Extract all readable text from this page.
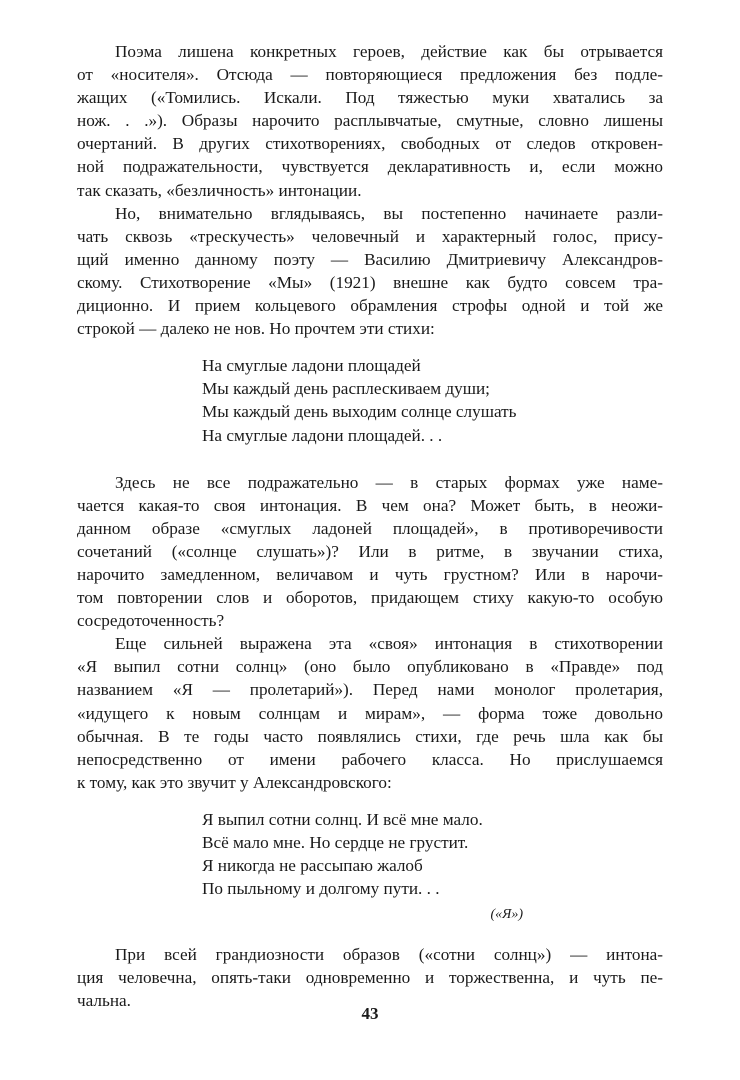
Поэма лишена конкретных героев, действие как бы отрывается
от «носителя». Отсюда — повторяющиеся предложения без подле-
жащих («Томились. Искали. Под тяжестью муки хватались за
нож. . .»). Образы нарочито расплывчатые, смутные, словно лишены
очертаний. В других стихотворениях, свободных от следов откровен-
ной подражательности, чувствуется декларативность и, если можно
так сказать, «безличность» интонации.

Но, внимательно вглядываясь, вы постепенно начинаете разли-
чать сквозь «трескучесть» человечный и характерный голос, прису-
щий именно данному поэту — Василию Дмитриевичу Александров-
скому. Стихотворение «Мы» (1921) внешне как будто совсем тра-
диционно. И прием кольцевого обрамления строфы одной и той же
строкой — далеко не нов. Но прочтем эти стихи:

На смуглые ладони площадей
Мы каждый день расплескиваем души;
Мы каждый день выходим солнце слушать
На смуглые ладони площадей. . .

Здесь не все подражательно — в старых формах уже наме-
чается какая-то своя интонация. В чем она? Может быть, в неожи-
данном образе «смуглых ладоней площадей», в противоречивости
сочетаний («солнце слушать»)? Или в ритме, в звучании стиха,
нарочито замедленном, величавом и чуть грустном? Или в нарочи-
том повторении слов и оборотов, придающем стиху какую-то особую
сосредоточенность?

Еще сильней выражена эта «своя» интонация в стихотворении
«Я выпил сотни солнц» (оно было опубликовано в «Правде» под
названием «Я — пролетарий»). Перед нами монолог пролетария,
«идущего к новым солнцам и мирам», — форма тоже довольно
обычная. В те годы часто появлялись стихи, где речь шла как бы
непосредственно от имени рабочего класса. Но прислушаемся
к тому, как это звучит у Александровского:

Я выпил сотни солнц. И всё мне мало.
Всё мало мне. Но сердце не грустит.
Я никогда не рассыпаю жалоб
По пыльному и долгому пути. . .
(«Я»)

При всей грандиозности образов («сотни солнц») — интона-
ция человечна, опять-таки одновременно и торжественна, и чуть пе-
чальна.

43
